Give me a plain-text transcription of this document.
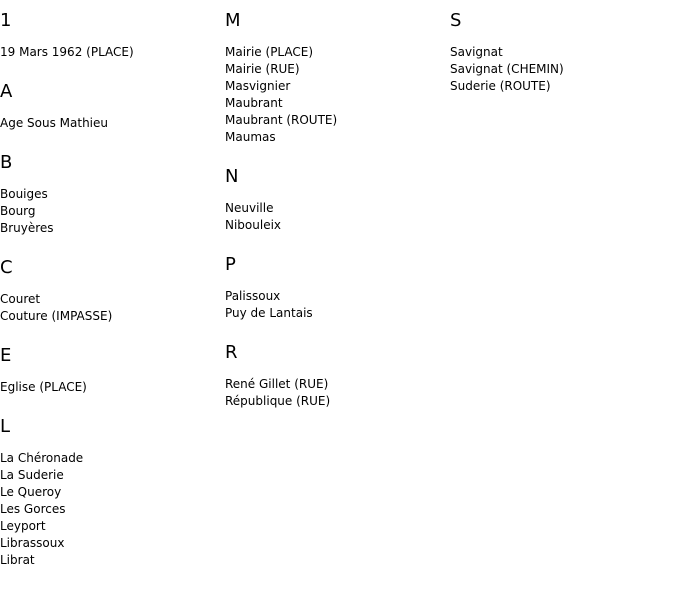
1
19 Mars 1962 (PLACE)
A
Age Sous Mathieu
B
Bouiges
Bourg
Bruyères
C
Couret
Couture (IMPASSE)
E
Eglise (PLACE)
L
La Chéronade
La Suderie
Le Queroy
Les Gorces
Leyport
Librassoux
Librat
M
Mairie (PLACE)
Mairie (RUE)
Masvignier
Maubrant
Maubrant (ROUTE)
Maumas
N
Neuville
Nibouleix
P
Palissoux
Puy de Lantais
R
René Gillet (RUE)
République (RUE)
S
Savignat
Savignat (CHEMIN)
Suderie (ROUTE)
